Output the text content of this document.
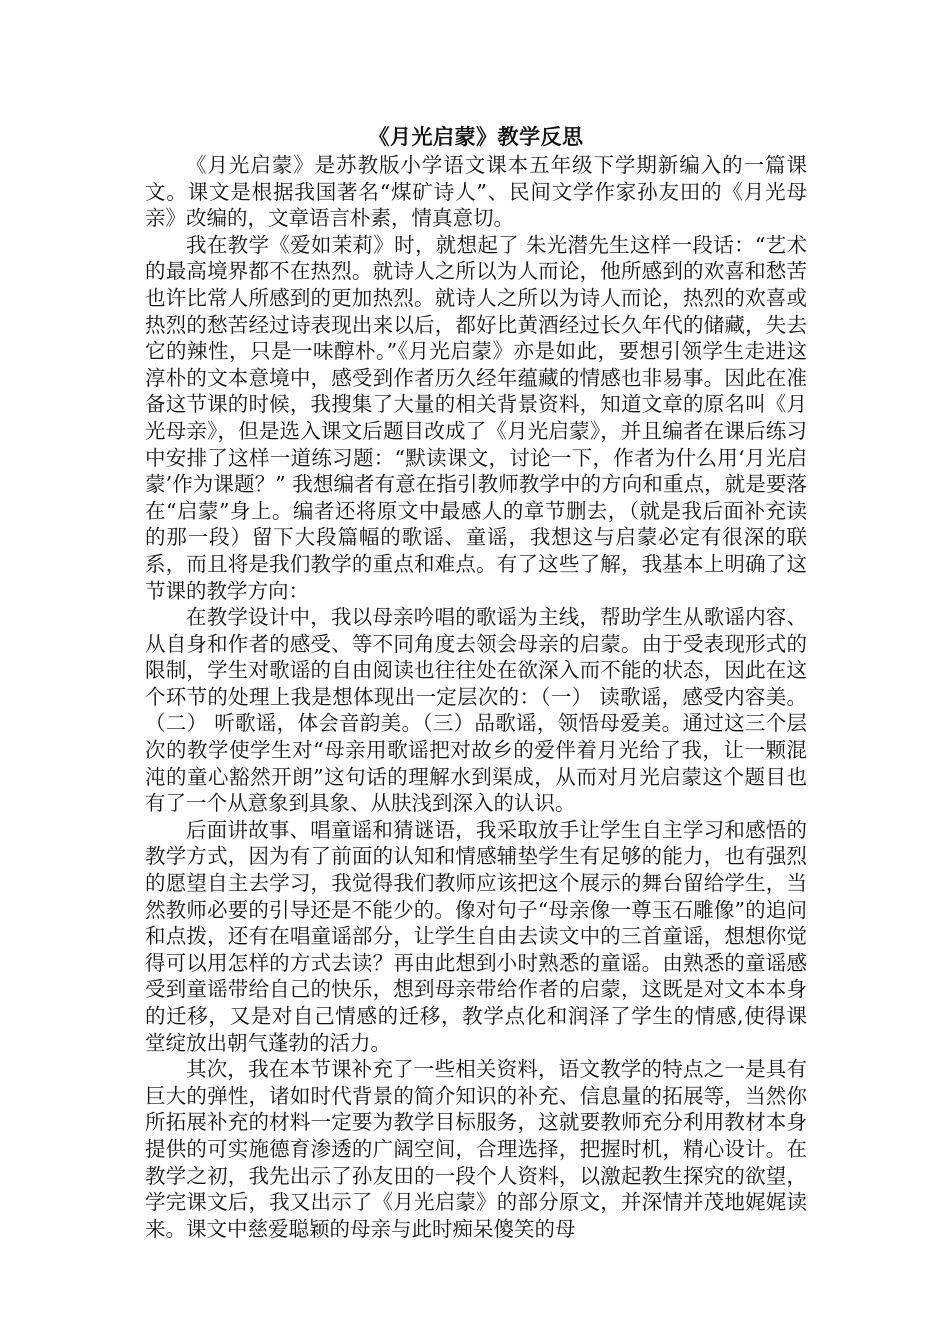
《月光启蒙》教学反思

《月光启蒙》是苏教版小学语文课本五年级下学期新编入的一篇课文。课文是根据我国著名“煤矿诗人”、民间文学作家孙友田的《月光母亲》改编的，文章语言朴素，情真意切。

我在教学《爱如茉莉》时，就想起了 朱光潜先生这样一段话：“艺术的最高境界都不在热烈。就诗人之所以为人而论，他所感到的欢喜和愁苦也许比常人所感到的更加热烈。就诗人之所以为诗人而论，热烈的欢喜或热烈的愁苦经过诗表现出来以后，都好比黄酒经过长久年代的储藏，失去它的辣性，只是一味醇朴。”《月光启蒙》亦是如此，要想引领学生走进这淳朴的文本意境中，感受到作者历久经年蕴藏的情感也非易事。因此在准备这节课的时候，我搜集了大量的相关背景资料，知道文章的原名叫《月光母亲》，但是选入课文后题目改成了《月光启蒙》，并且编者在课后练习中安排了这样一道练习题：“默读课文，讨论一下，作者为什么用‘月光启蒙’作为课题？” 我想编者有意在指引教师教学中的方向和重点，就是要落在“启蒙”身上。编者还将原文中最感人的章节删去，（就是我后面补充读的那一段）留下大段篇幅的歌谣、童谣，我想这与启蒙必定有很深的联系，而且将是我们教学的重点和难点。有了这些了解，我基本上明确了这节课的教学方向：

在教学设计中，我以母亲吟唱的歌谣为主线，帮助学生从歌谣内容、从自身和作者的感受、等不同角度去领会母亲的启蒙。由于受表现形式的限制，学生对歌谣的自由阅读也往往处在欲深入而不能的状态，因此在这个环节的处理上我是想体现出一定层次的：（一） 读歌谣，感受内容美。（二） 听歌谣，体会音韵美。（三）品歌谣，领悟母爱美。通过这三个层次的教学使学生对“母亲用歌谣把对故乡的爱伴着月光给了我，让一颗混沌的童心豁然开朗”这句话的理解水到渠成，从而对月光启蒙这个题目也有了一个从意象到具象、从肤浅到深入的认识。

后面讲故事、唱童谣和猜谜语，我采取放手让学生自主学习和感悟的教学方式，因为有了前面的认知和情感辅垫学生有足够的能力，也有强烈的愿望自主去学习，我觉得我们教师应该把这个展示的舞台留给学生，当然教师必要的引导还是不能少的。像对句子“母亲像一尊玉石雕像”的追问和点拨，还有在唱童谣部分，让学生自由去读文中的三首童谣，想想你觉得可以用怎样的方式去读？再由此想到小时熟悉的童谣。由熟悉的童谣感受到童谣带给自己的快乐，想到母亲带给作者的启蒙，这既是对文本本身的迁移，又是对自己情感的迁移，教学点化和润泽了学生的情感,使得课堂绽放出朝气蓬勃的活力。

其次，我在本节课补充了一些相关资料，语文教学的特点之一是具有巨大的弹性，诸如时代背景的简介知识的补充、信息量的拓展等，当然你所拓展补充的材料一定要为教学目标服务，这就要教师充分利用教材本身提供的可实施德育渗透的广阔空间，合理选择，把握时机，精心设计。在教学之初，我先出示了孙友田的一段个人资料，以激起教生探究的欲望，学完课文后，我又出示了《月光启蒙》的部分原文，并深情并茂地娓娓读来。课文中慈爱聪颖的母亲与此时痴呆傻笑的母
